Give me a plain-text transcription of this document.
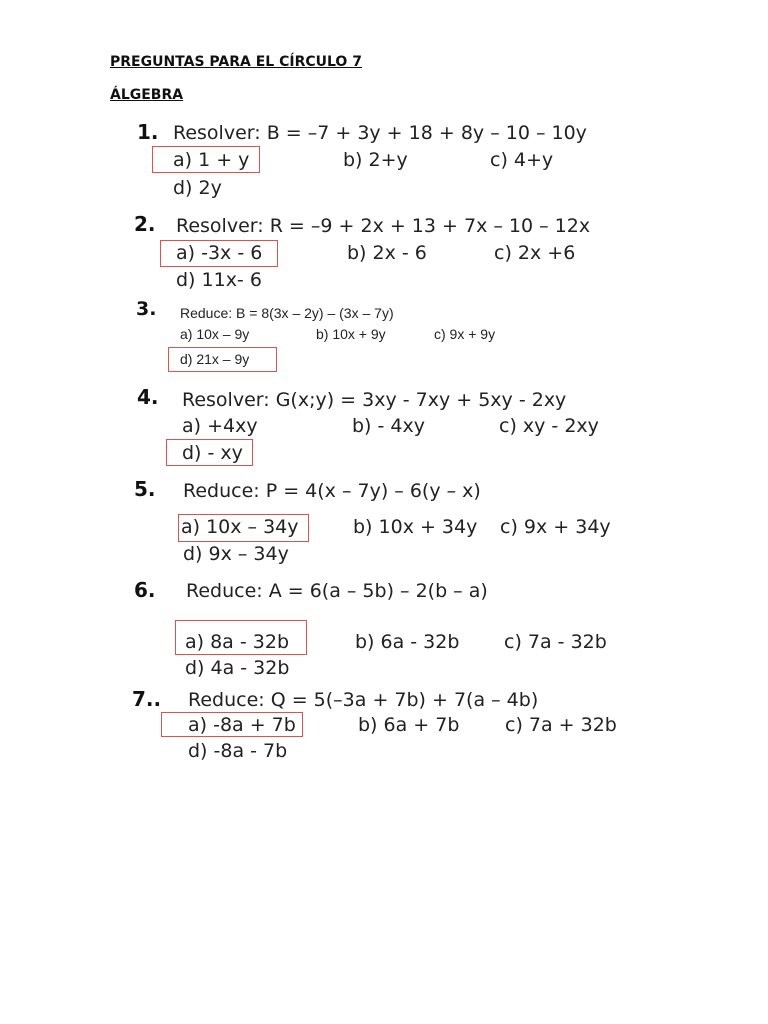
PREGUNTAS PARA EL CÍRCULO 7
ÁLGEBRA
1. Resolver: B = –7 + 3y + 18 + 8y – 10 – 10y
a) 1 + y	b) 2+y	c) 4+y
d) 2y
2. Resolver: R = –9 + 2x + 13 + 7x – 10 – 12x
a) -3x - 6	b) 2x - 6	c) 2x +6
d) 11x- 6
3. Reduce: B = 8(3x – 2y) – (3x – 7y)
a) 10x – 9y	b) 10x + 9y	c) 9x + 9y
d) 21x – 9y
4. Resolver: G(x;y) = 3xy - 7xy + 5xy - 2xy
a) +4xy	b) - 4xy	c) xy - 2xy
d) - xy
5. Reduce: P = 4(x – 7y) – 6(y – x)
a) 10x – 34y	b) 10x + 34y c) 9x + 34y
d) 9x – 34y
6. Reduce: A = 6(a – 5b) – 2(b – a)
a) 8a - 32b	b) 6a - 32b c) 7a - 32b
d) 4a - 32b
7.. Reduce: Q = 5(–3a + 7b) + 7(a – 4b)
a) -8a + 7b	b) 6a + 7b c) 7a + 32b
d) -8a - 7b
